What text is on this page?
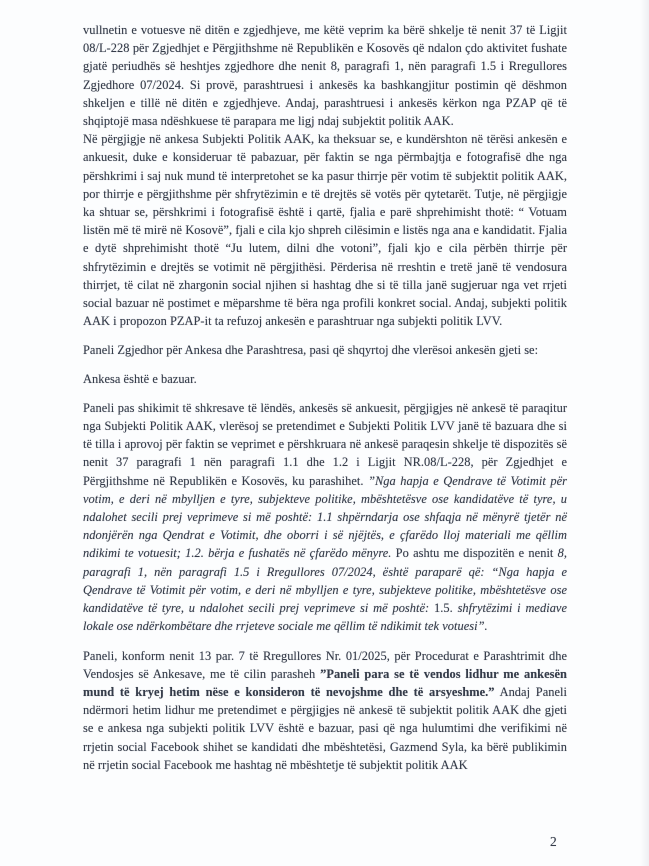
vullnetin e votuesve në ditën e zgjedhjeve, me këtë veprim ka bërë shkelje të nenit 37 të Ligjit 08/L-228 për Zgjedhjet e Përgjithshme në Republikën e Kosovës që ndalon çdo aktivitet fushate gjatë periudhës së heshtjes zgjedhore dhe nenit 8, paragrafi 1, nën paragrafi 1.5 i Rregullores Zgjedhore 07/2024. Si provë, parashtruesi i ankesës ka bashkangjitur postimin që dëshmon shkeljen e tillë në ditën e zgjedhjeve. Andaj, parashtruesi i ankesës kërkon nga PZAP që të shqiptojë masa ndëshkuese të parapara me ligj ndaj subjektit politik AAK.

Në përgjigje në ankesa Subjekti Politik AAK, ka theksuar se, e kundërshton në tërësi ankesën e ankuesit, duke e konsideruar të pabazuar, për faktin se nga përmbajtja e fotografisë dhe nga përshkrimi i saj nuk mund të interpretohet se ka pasur thirrje për votim të subjektit politik AAK, por thirrje e përgjithshme për shfrytëzimin e të drejtës së votës për qytetarët. Tutje, në përgjigje ka shtuar se, përshkrimi i fotografisë është i qartë, fjalia e parë shprehimisht thotë: “ Votuam listën më të mirë në Kosovë”, fjali e cila kjo shpreh cilësimin e listës nga ana e kandidatit. Fjalia e dytë shprehimisht thotë “Ju lutem, dilni dhe votoni”, fjali kjo e cila përbën thirrje për shfrytëzimin e drejtës se votimit në përgjithësi. Përderisa në rreshtin e tretë janë të vendosura thirrjet, të cilat në zhargonin social njihen si hashtag dhe si të tilla janë sugjeruar nga vet rrjeti social bazuar në postimet e mëparshme të bëra nga profili konkret social. Andaj, subjekti politik AAK i propozon PZAP-it ta refuzoj ankesën e parashtruar nga subjekti politik LVV.

Paneli Zgjedhor për Ankesa dhe Parashtresa, pasi që shqyrtoj dhe vlerësoi ankesën gjeti se:

Ankesa është e bazuar.

Paneli pas shikimit të shkresave të lëndës, ankesës së ankuesit, përgjigjes në ankesë të paraqitur nga Subjekti Politik AAK, vlerësoj se pretendimet e Subjekti Politik LVV janë të bazuara dhe si të tilla i aprovoj për faktin se veprimet e përshkruara në ankesë paraqesin shkelje të dispozitës së nenit 37 paragrafi 1 nën paragrafi 1.1 dhe 1.2 i Ligjit NR.08/L-228, për Zgjedhjet e Përgjithshme në Republikën e Kosovës, ku parashihet. ”Nga hapja e Qendrave të Votimit për votim, e deri në mbylljen e tyre, subjekteve politike, mbështetësve ose kandidatëve të tyre, u ndalohet secili prej veprimeve si më poshtë: 1.1 shpërndarja ose shfaqja në mënyrë tjetër në ndonjërën nga Qendrat e Votimit, dhe oborri i së njëjtës, e çfarëdo lloj materiali me qëllim ndikimi te votuesit; 1.2. bërja e fushatës në çfarëdo mënyre. Po ashtu me dispozitën e nenit 8, paragrafi 1, nën paragrafi 1.5 i Rregullores 07/2024, është paraparë që: “Nga hapja e Qendrave të Votimit për votim, e deri në mbylljen e tyre, subjekteve politike, mbështetësve ose kandidatëve të tyre, u ndalohet secili prej veprimeve si më poshtë: 1.5. shfrytëzimi i mediave lokale ose ndërkombëtare dhe rrjeteve sociale me qëllim të ndikimit tek votuesi”.

Paneli, konform nenit 13 par. 7 të Rregullores Nr. 01/2025, për Procedurat e Parashtrimit dhe Vendosjes së Ankesave, me të cilin parasheh ”Paneli para se të vendos lidhur me ankesën mund të kryej hetim nëse e konsideron të nevojshme dhe të arsyeshme.” Andaj Paneli ndërmori hetim lidhur me pretendimet e përgjigjes në ankesë të subjektit politik AAK dhe gjeti se e ankesa nga subjekti politik LVV është e bazuar, pasi që nga hulumtimi dhe verifikimi në rrjetin social Facebook shihet se kandidati dhe mbështetësi, Gazmend Syla, ka bërë publikimin në rrjetin social Facebook me hashtag në mbështetje të subjektit politik AAK

2
